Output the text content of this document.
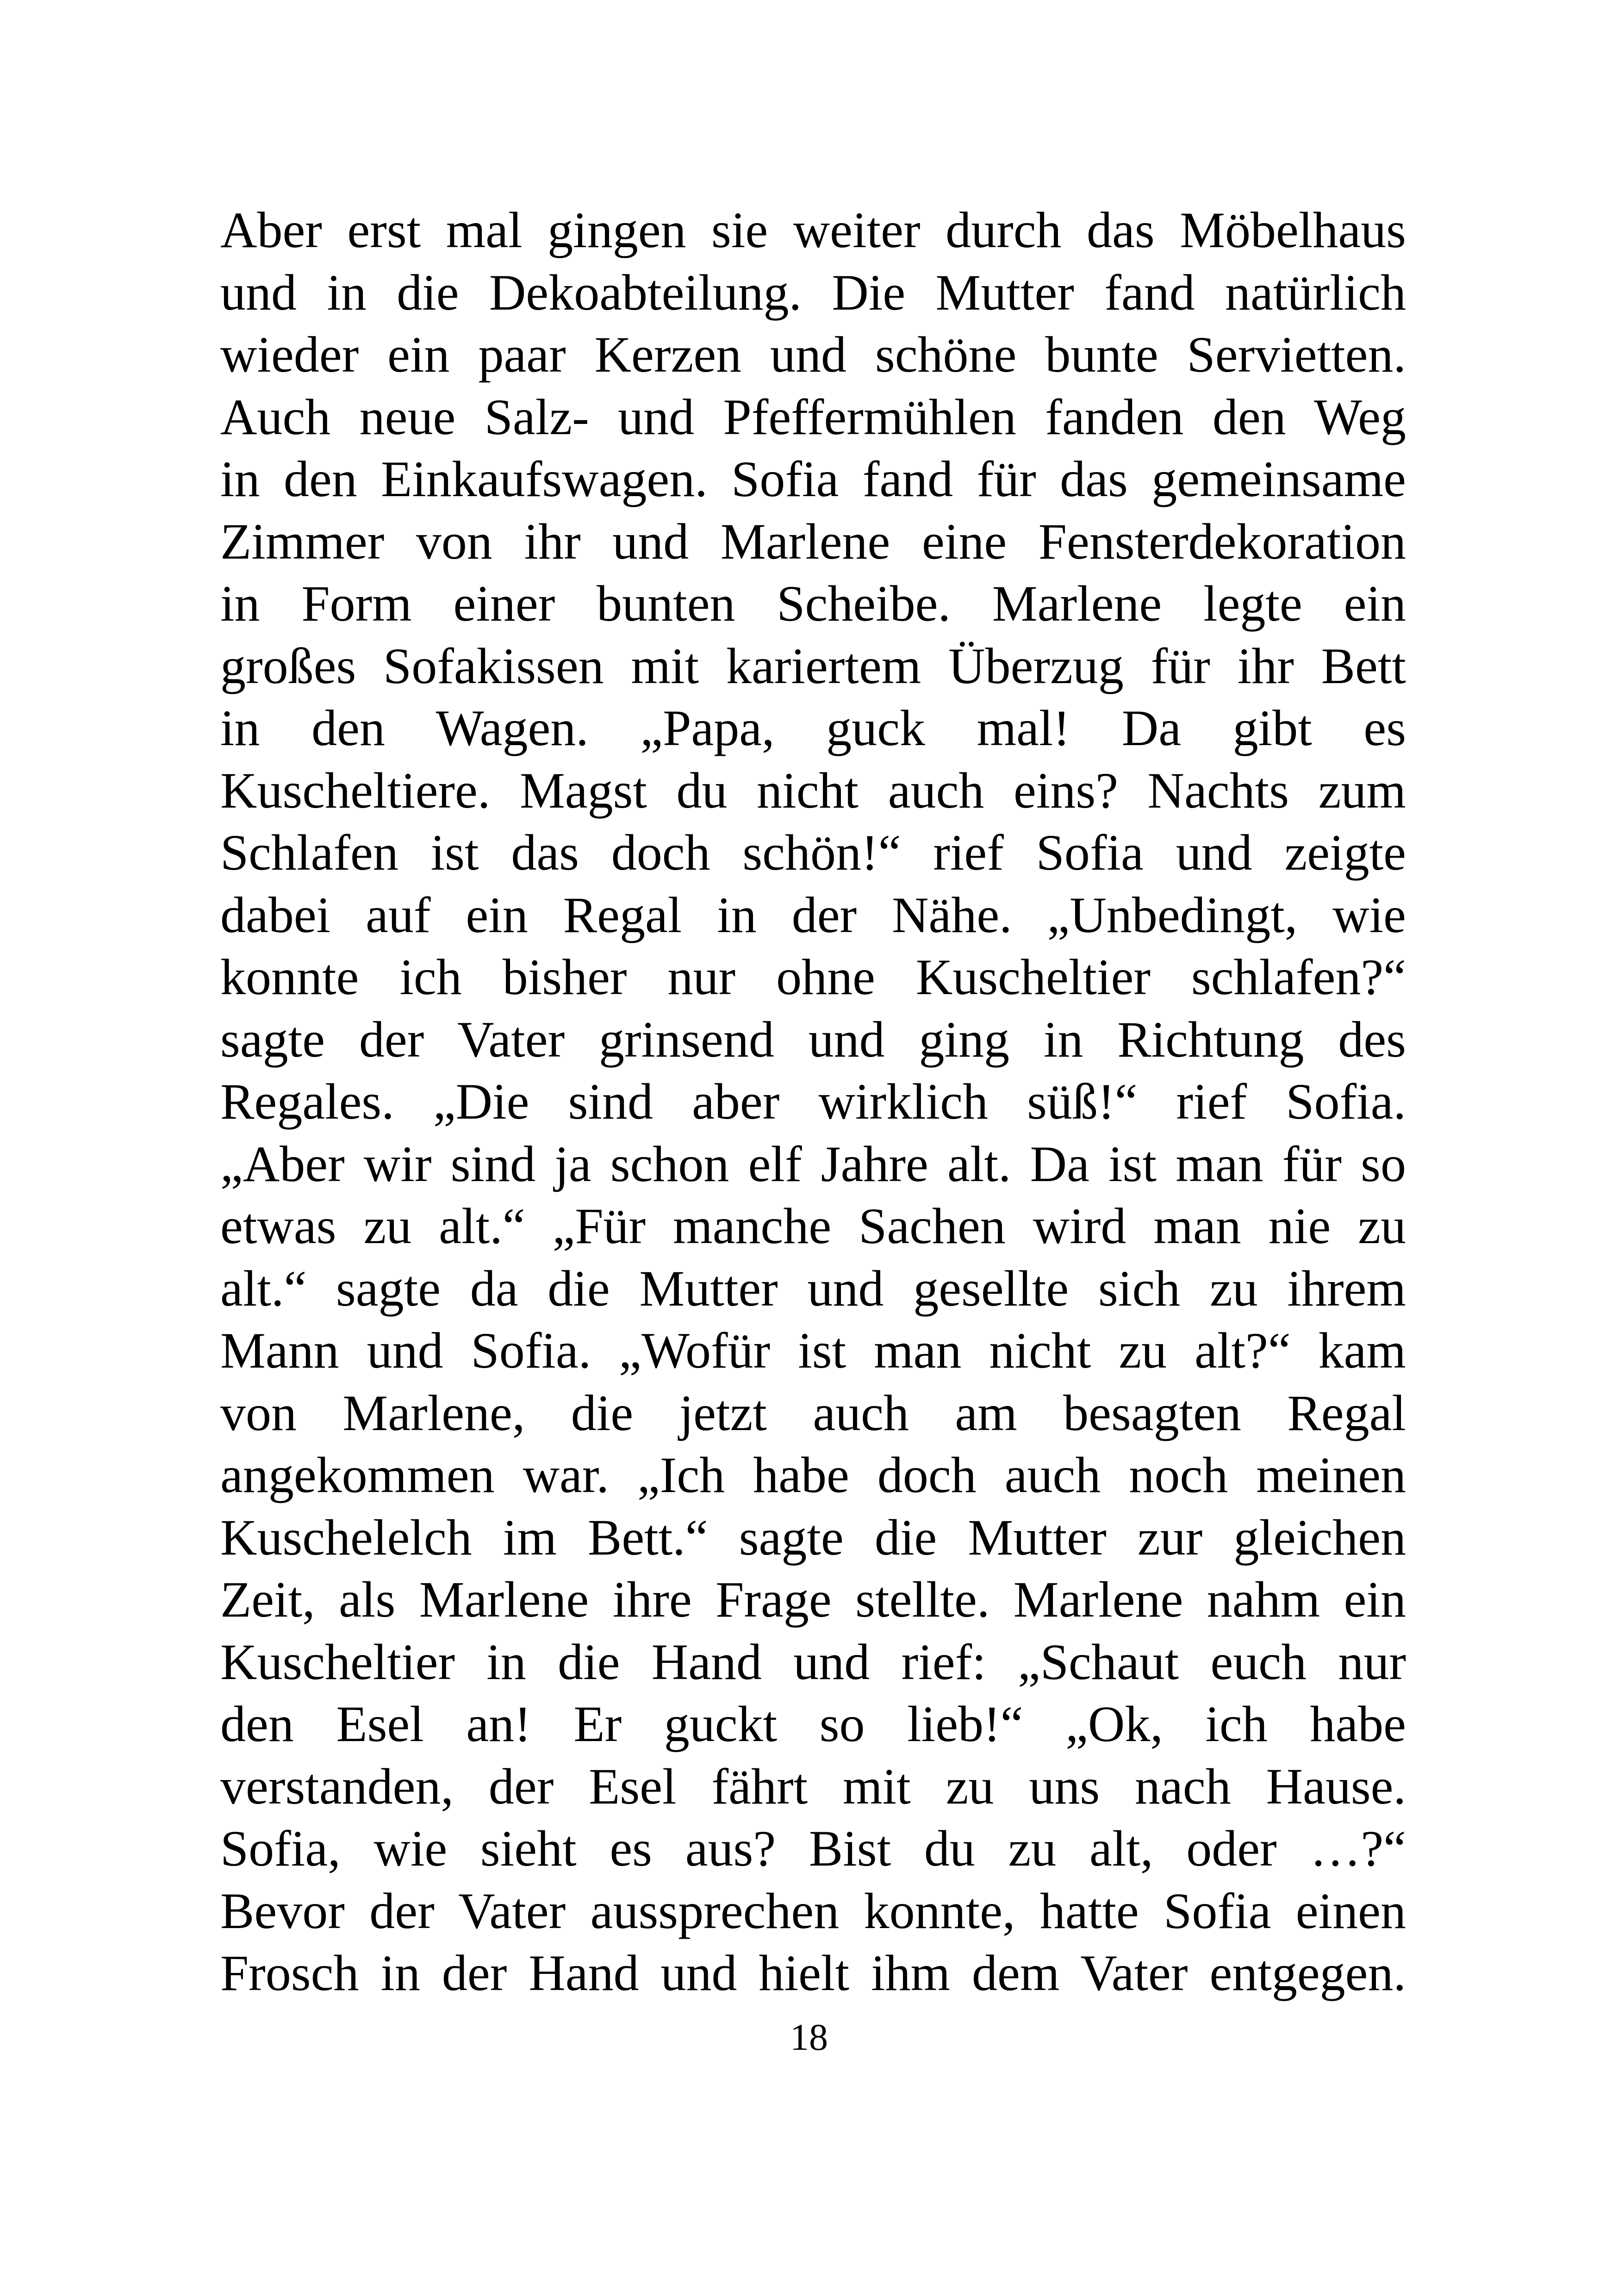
Aber erst mal gingen sie weiter durch das Möbelhaus
und in die Dekoabteilung. Die Mutter fand natürlich
wieder ein paar Kerzen und schöne bunte Servietten.
Auch neue Salz- und Pfeffermühlen fanden den Weg
in den Einkaufswagen. Sofia fand für das gemeinsame
Zimmer von ihr und Marlene eine Fensterdekoration
in Form einer bunten Scheibe. Marlene legte ein
großes Sofakissen mit kariertem Überzug für ihr Bett
in den Wagen. „Papa, guck mal! Da gibt es
Kuscheltiere. Magst du nicht auch eins? Nachts zum
Schlafen ist das doch schön!“ rief Sofia und zeigte
dabei auf ein Regal in der Nähe. „Unbedingt, wie
konnte ich bisher nur ohne Kuscheltier schlafen?“
sagte der Vater grinsend und ging in Richtung des
Regales. „Die sind aber wirklich süß!“ rief Sofia.
„Aber wir sind ja schon elf Jahre alt. Da ist man für so
etwas zu alt.“ „Für manche Sachen wird man nie zu
alt.“ sagte da die Mutter und gesellte sich zu ihrem
Mann und Sofia. „Wofür ist man nicht zu alt?“ kam
von Marlene, die jetzt auch am besagten Regal
angekommen war. „Ich habe doch auch noch meinen
Kuschelelch im Bett.“ sagte die Mutter zur gleichen
Zeit, als Marlene ihre Frage stellte. Marlene nahm ein
Kuscheltier in die Hand und rief: „Schaut euch nur
den Esel an! Er guckt so lieb!“ „Ok, ich habe
verstanden, der Esel fährt mit zu uns nach Hause.
Sofia, wie sieht es aus? Bist du zu alt, oder …?“
Bevor der Vater aussprechen konnte, hatte Sofia einen
Frosch in der Hand und hielt ihm dem Vater entgegen.
18
